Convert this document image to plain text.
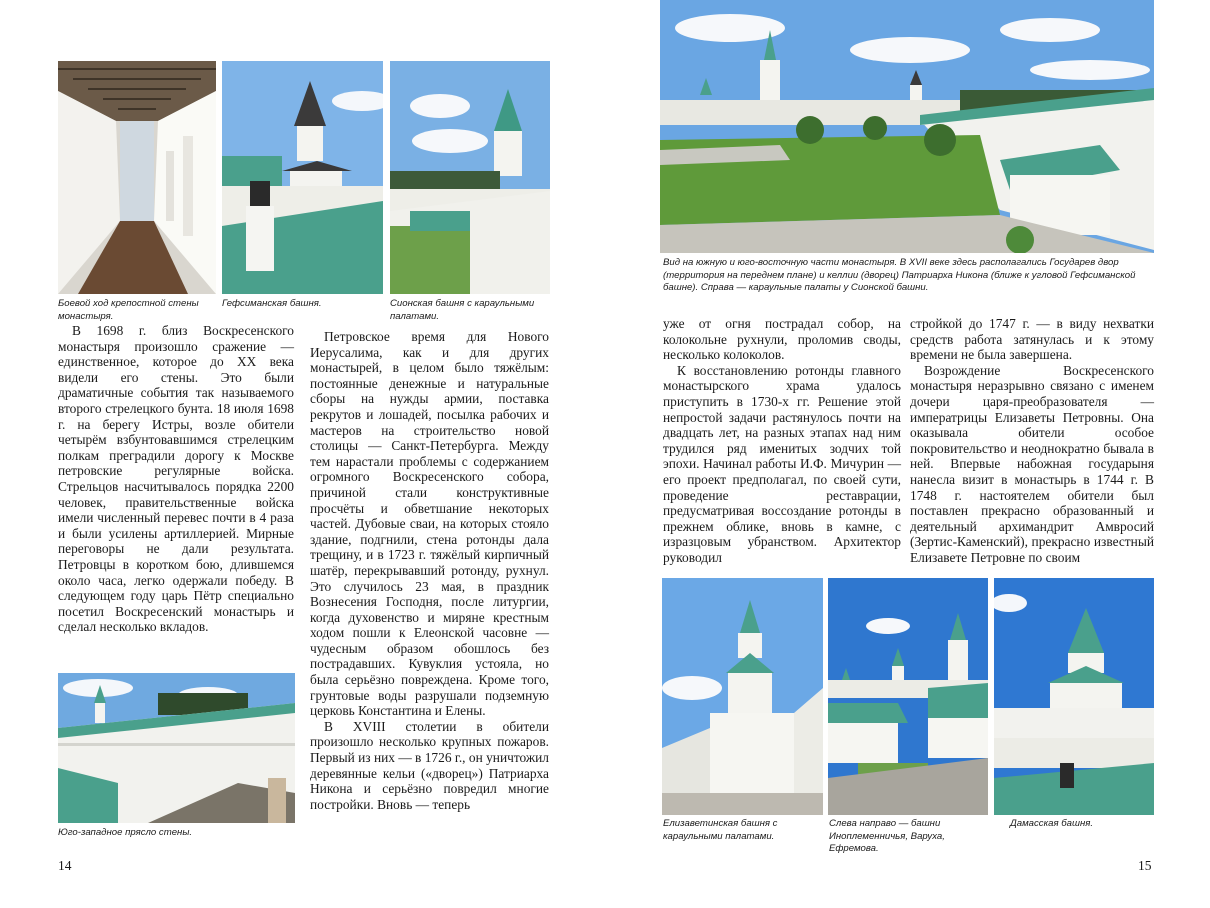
Боевой ход крепостной стены монастыря.
Гефсиманская башня.	Сионская башня с караульными палатами.

В 1698 г. близ Воскресенского монастыря произошло сражение — единственное, которое до XX века видели его стены. Это были драматичные события так называемого второго стрелецкого бунта. 18 июля 1698 г. на берегу Истры, возле обители четырём взбунтовавшимся стрелецким полкам преградили дорогу к Москве петровские регулярные войска. Стрельцов насчитывалось порядка 2200 человек, правительственные войска имели численный перевес почти в 4 раза и были усилены артиллерией. Мирные переговоры не дали результата. Петровцы в коротком бою, длившемся около часа, легко одержали победу. В следующем году царь Пётр специально посетил Воскресенский монастырь и сделал несколько вкладов.

Петровское время для Нового Иерусалима, как и для других монастырей, в целом было тяжёлым: постоянные денежные и натуральные сборы на нужды армии, поставка рекрутов и лошадей, посылка рабочих и мастеров на строительство новой столицы — Санкт-Петербурга. Между тем нарастали проблемы с содержанием огромного Воскресенского собора, причиной стали конструктивные просчёты и обветшание некоторых частей. Дубовые сваи, на которых стояло здание, подгнили, стена ротонды дала трещину, и в 1723 г. тяжёлый кирпичный шатёр, перекрывавший ротонду, рухнул. Это случилось 23 мая, в праздник Вознесения Господня, после литургии, когда духовенство и миряне крестным ходом пошли к Елеонской часовне — чудесным образом обошлось без пострадавших. Кувуклия устояла, но была серьёзно повреждена. Кроме того, грунтовые воды разрушали подземную церковь Константина и Елены.

В XVIII столетии в обители произошло несколько крупных пожаров. Первый из них — в 1726 г., он уничтожил деревянные кельи («дворец») Патриарха Никона и серьёзно повредил многие постройки. Вновь — теперь

Юго-западное прясло стены.
14
Вид на южную и юго-восточную части монастыря. В XVII веке здесь располагались Государев двор (территория на переднем плане) и келлии (дворец) Патриарха Никона (ближе к угловой Гефсиманской башне). Справа — караульные палаты у Сионской башни.

уже от огня пострадал собор, на колокольне рухнули, проломив своды, несколько колоколов.

К восстановлению ротонды главного монастырского храма удалось приступить в 1730-х гг. Решение этой непростой задачи растянулось почти на двадцать лет, на разных этапах над ним трудился ряд именитых зодчих той эпохи. Начинал работы И.Ф. Мичурин — его проект предполагал, по своей сути, проведение реставрации, предусматривая воссоздание ротонды в прежнем облике, вновь в камне, с изразцовым убранством. Архитектор руководил

стройкой до 1747 г. — в виду нехватки средств работа затянулась и к этому времени не была завершена.

Возрождение Воскресенского монастыря неразрывно связано с именем дочери царя-преобразователя — императрицы Елизаветы Петровны. Она оказывала обители особое покровительство и неоднократно бывала в ней. Впервые набожная государыня нанесла визит в монастырь в 1744 г. В 1748 г. настоятелем обители был поставлен прекрасно образованный и деятельный архимандрит Амвросий (Зертис-Каменский), прекрасно известный Елизавете Петровне по своим

Елизаветинская башня с караульными палатами.
Слева направо — башни Иноплеменничья, Варуха, Ефремова.
Дамасская башня.
15
